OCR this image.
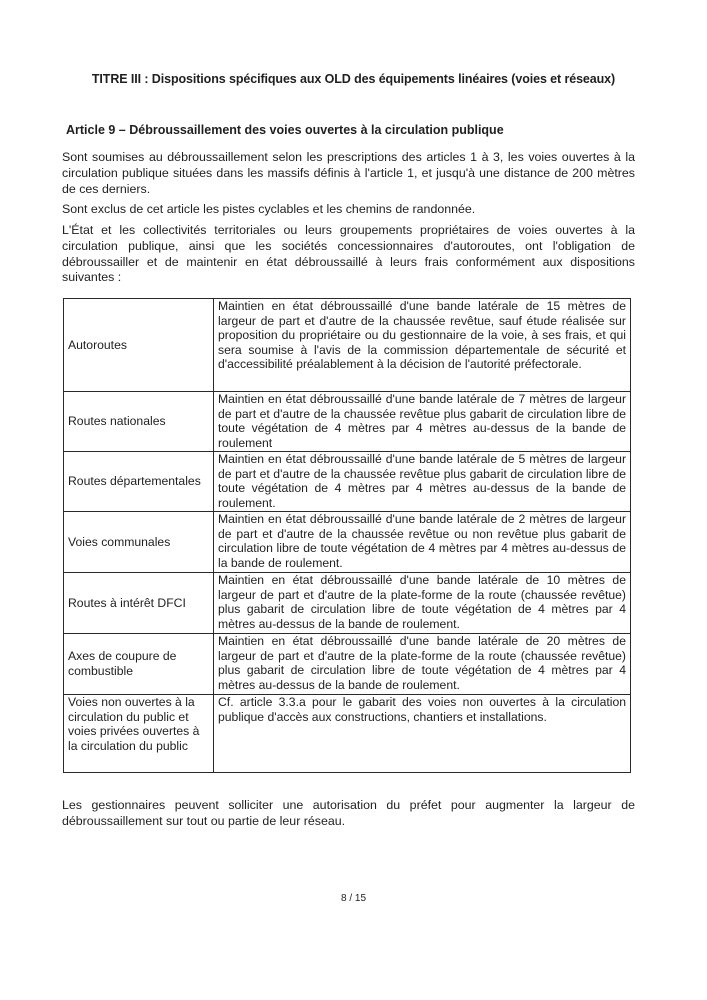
TITRE III : Dispositions spécifiques aux OLD des équipements linéaires (voies et réseaux)
Article 9 – Débroussaillement des voies ouvertes à la circulation publique

Sont soumises au débroussaillement selon les prescriptions des articles 1 à 3, les voies ouvertes à la circulation publique situées dans les massifs définis à l'article 1, et jusqu'à une distance de 200 mètres de ces derniers.

Sont exclus de cet article les pistes cyclables et les chemins de randonnée.

L'État et les collectivités territoriales ou leurs groupements propriétaires de voies ouvertes à la circulation publique, ainsi que les sociétés concessionnaires d'autoroutes, ont l'obligation de débroussailler et de maintenir en état débroussaillé à leurs frais conformément aux dispositions suivantes :

Autoroutes	Maintien en état débroussaillé d'une bande latérale de 15 mètres de largeur de part et d'autre de la chaussée revêtue, sauf étude réalisée sur proposition du propriétaire ou du gestionnaire de la voie, à ses frais, et qui sera soumise à l'avis de la commission départementale de sécurité et d'accessibilité préalablement à la décision de l'autorité préfectorale.
Routes nationales	Maintien en état débroussaillé d'une bande latérale de 7 mètres de largeur de part et d'autre de la chaussée revêtue plus gabarit de circulation libre de toute végétation de 4 mètres par 4 mètres au-dessus de la bande de roulement
Routes départementales	Maintien en état débroussaillé d'une bande latérale de 5 mètres de largeur de part et d'autre de la chaussée revêtue plus gabarit de circulation libre de toute végétation de 4 mètres par 4 mètres au-dessus de la bande de roulement.
Voies communales	Maintien en état débroussaillé d'une bande latérale de 2 mètres de largeur de part et d'autre de la chaussée revêtue ou non revêtue plus gabarit de circulation libre de toute végétation de 4 mètres par 4 mètres au-dessus de la bande de roulement.
Routes à intérêt DFCI	Maintien en état débroussaillé d'une bande latérale de 10 mètres de largeur de part et d'autre de la plate-forme de la route (chaussée revêtue) plus gabarit de circulation libre de toute végétation de 4 mètres par 4 mètres au-dessus de la bande de roulement.
Axes de coupure de combustible	Maintien en état débroussaillé d'une bande latérale de 20 mètres de largeur de part et d'autre de la plate-forme de la route (chaussée revêtue) plus gabarit de circulation libre de toute végétation de 4 mètres par 4 mètres au-dessus de la bande de roulement.
Voies non ouvertes à la circulation du public et voies privées ouvertes à la circulation du public	Cf. article 3.3.a pour le gabarit des voies non ouvertes à la circulation publique d'accès aux constructions, chantiers et installations.

Les gestionnaires peuvent solliciter une autorisation du préfet pour augmenter la largeur de débroussaillement sur tout ou partie de leur réseau.

8 / 15
